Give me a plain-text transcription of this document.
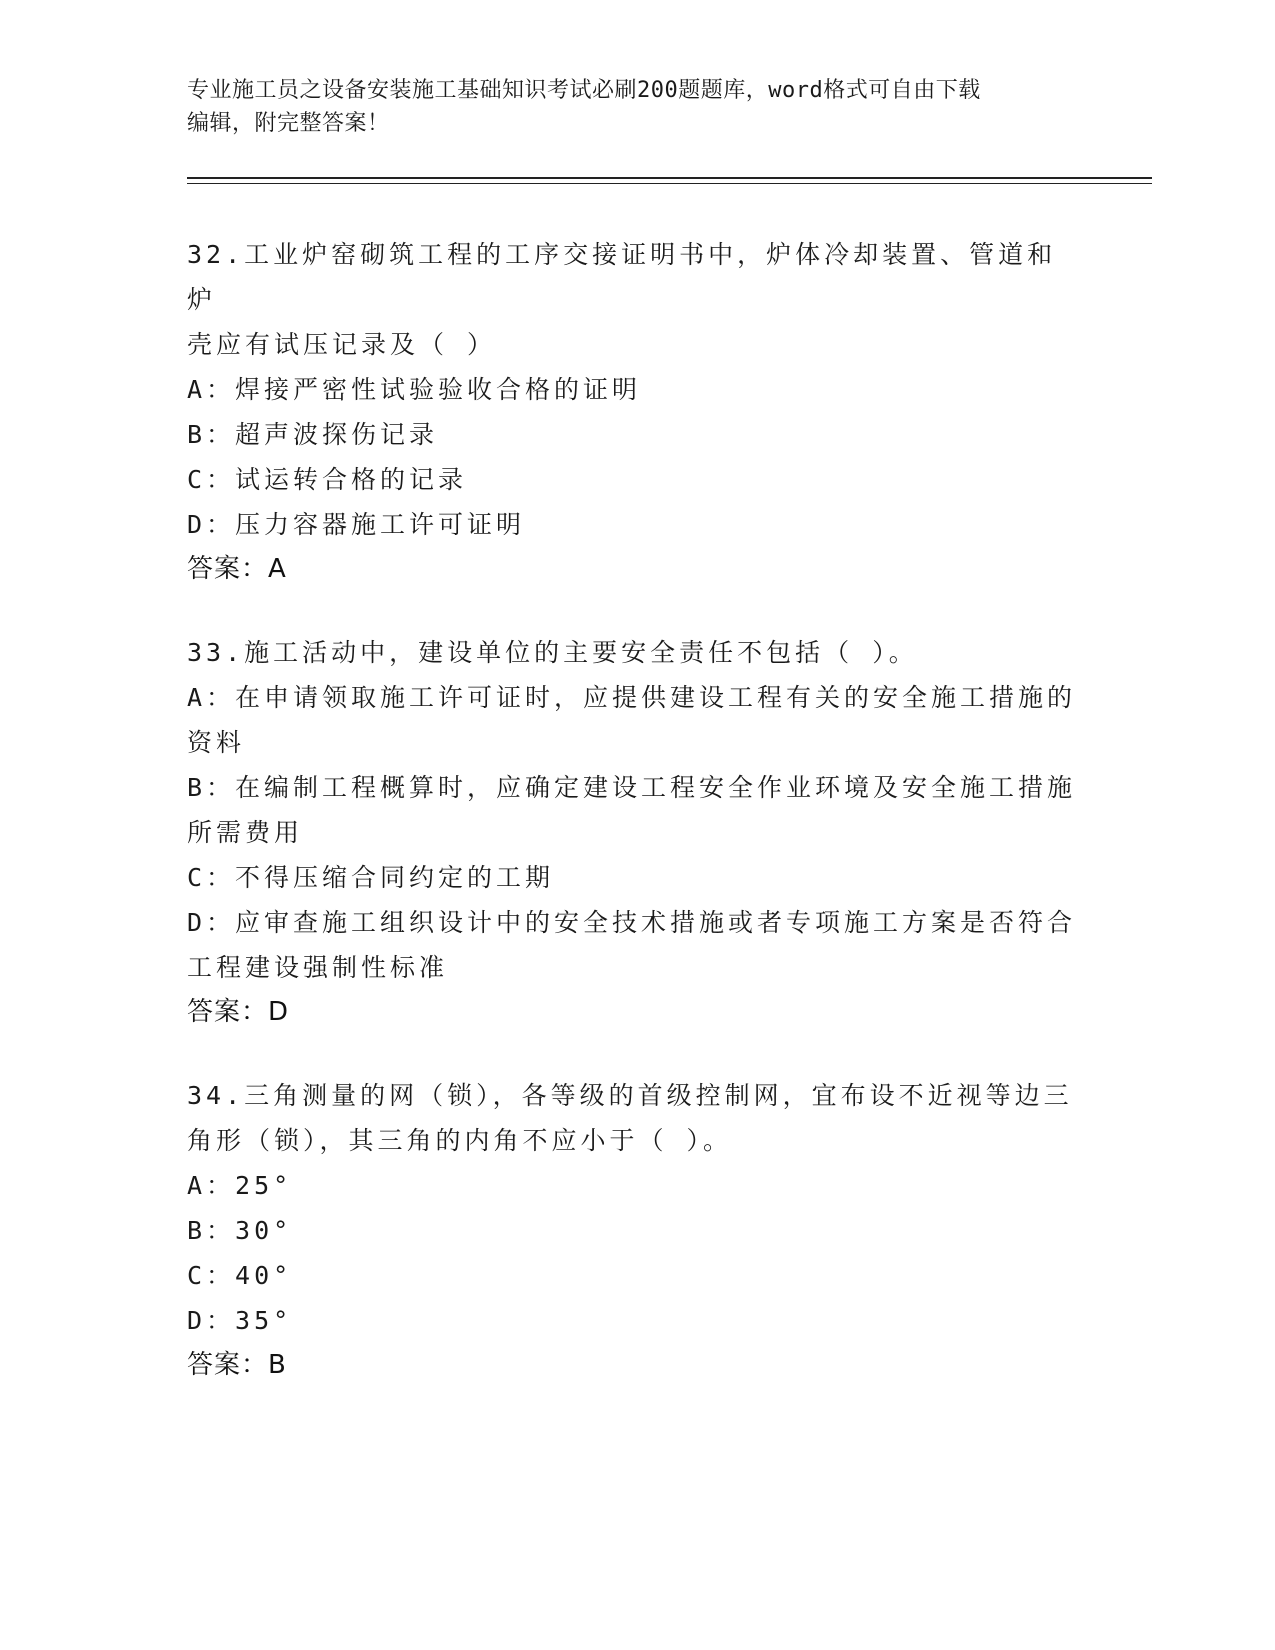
专业施工员之设备安装施工基础知识考试必刷200题题库，word格式可自由下载
编辑，附完整答案！
32.工业炉窑砌筑工程的工序交接证明书中，炉体冷却装置、管道和炉
壳应有试压记录及（ ）
A：焊接严密性试验验收合格的证明
B：超声波探伤记录
C：试运转合格的记录
D：压力容器施工许可证明
答案：A
33.施工活动中，建设单位的主要安全责任不包括（ ）。
A：在申请领取施工许可证时，应提供建设工程有关的安全施工措施的
资料
B：在编制工程概算时，应确定建设工程安全作业环境及安全施工措施
所需费用
C：不得压缩合同约定的工期
D：应审查施工组织设计中的安全技术措施或者专项施工方案是否符合
工程建设强制性标准
答案：D
34.三角测量的网（锁），各等级的首级控制网，宜布设不近视等边三
角形（锁），其三角的内角不应小于（ ）。
A：25°
B：30°
C：40°
D：35°
答案：B
